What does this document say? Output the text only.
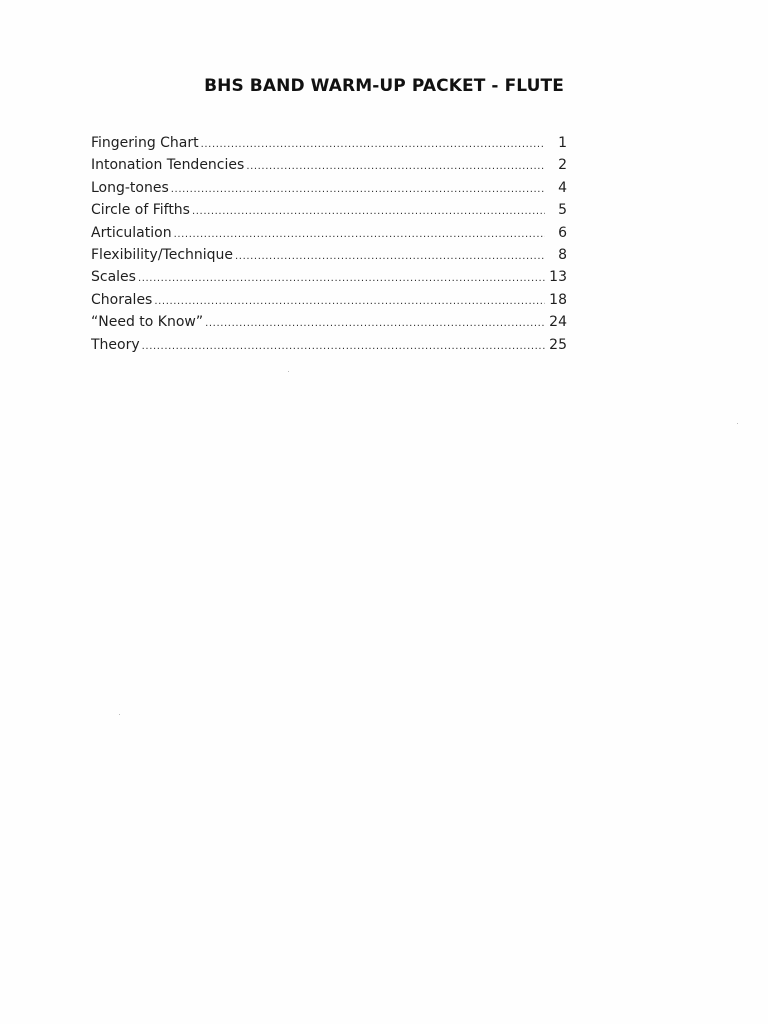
BHS BAND WARM-UP PACKET - FLUTE
Fingering Chart .....	1
Intonation Tendencies .....	2
Long-tones .....	4
Circle of Fifths .....	5
Articulation .....	6
Flexibility/Technique .....	8
Scales .....	13
Chorales .....	18
“Need to Know” .....	24
Theory .....	25
